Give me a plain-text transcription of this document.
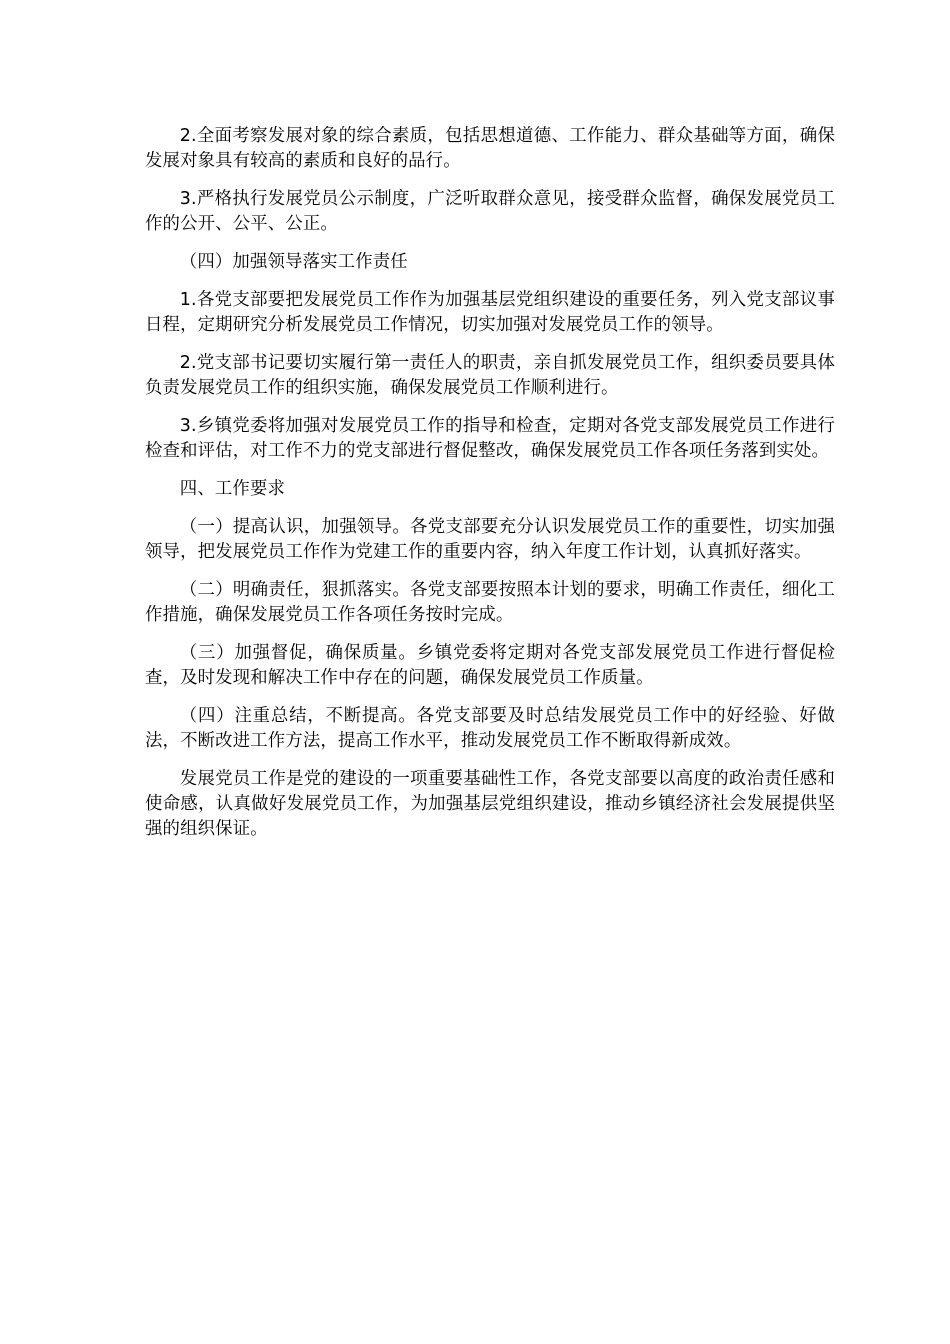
2.全面考察发展对象的综合素质，包括思想道德、工作能力、群众基础等方面，确保发展对象具有较高的素质和良好的品行。

3.严格执行发展党员公示制度，广泛听取群众意见，接受群众监督，确保发展党员工作的公开、公平、公正。

（四）加强领导落实工作责任

1.各党支部要把发展党员工作作为加强基层党组织建设的重要任务，列入党支部议事日程，定期研究分析发展党员工作情况，切实加强对发展党员工作的领导。

2.党支部书记要切实履行第一责任人的职责，亲自抓发展党员工作，组织委员要具体负责发展党员工作的组织实施，确保发展党员工作顺利进行。

3.乡镇党委将加强对发展党员工作的指导和检查，定期对各党支部发展党员工作进行检查和评估，对工作不力的党支部进行督促整改，确保发展党员工作各项任务落到实处。

四、工作要求

（一）提高认识，加强领导。各党支部要充分认识发展党员工作的重要性，切实加强领导，把发展党员工作作为党建工作的重要内容，纳入年度工作计划，认真抓好落实。

（二）明确责任，狠抓落实。各党支部要按照本计划的要求，明确工作责任，细化工作措施，确保发展党员工作各项任务按时完成。

（三）加强督促，确保质量。乡镇党委将定期对各党支部发展党员工作进行督促检查，及时发现和解决工作中存在的问题，确保发展党员工作质量。

（四）注重总结，不断提高。各党支部要及时总结发展党员工作中的好经验、好做法，不断改进工作方法，提高工作水平，推动发展党员工作不断取得新成效。

发展党员工作是党的建设的一项重要基础性工作，各党支部要以高度的政治责任感和使命感，认真做好发展党员工作，为加强基层党组织建设，推动乡镇经济社会发展提供坚强的组织保证。
